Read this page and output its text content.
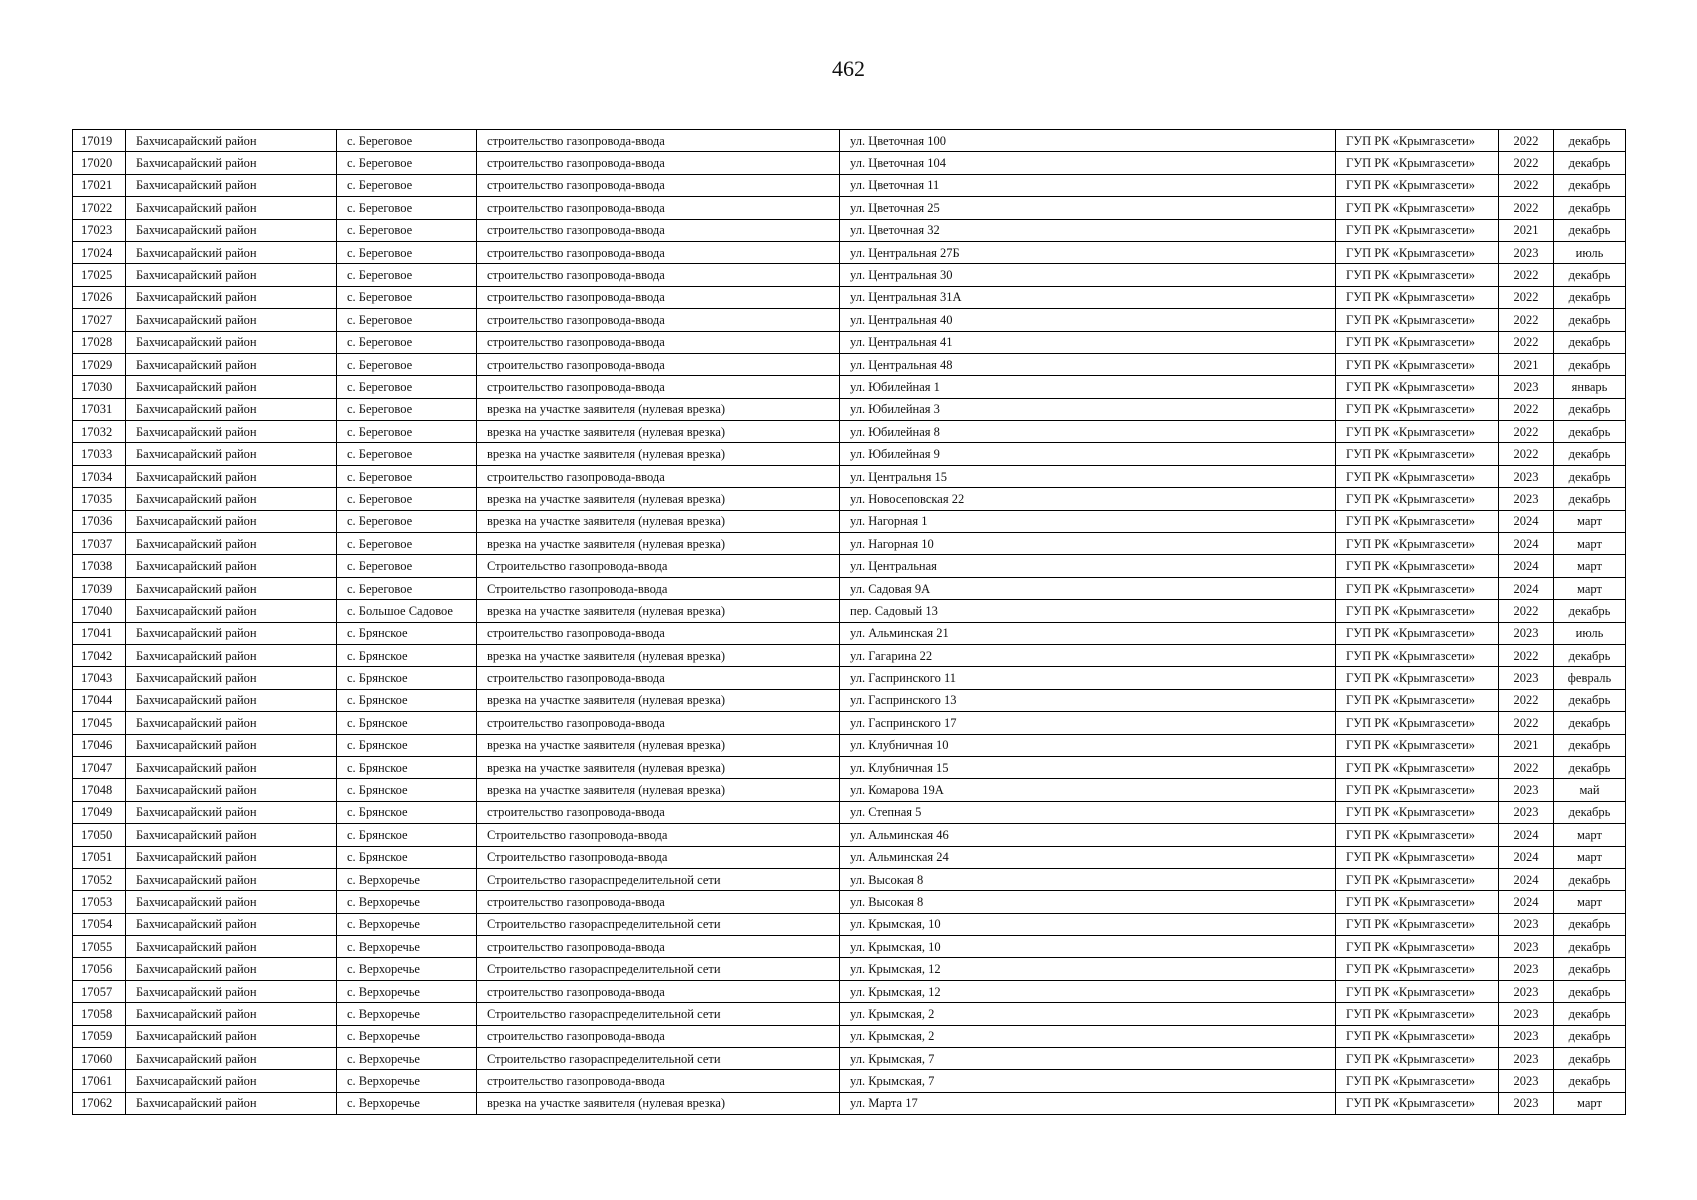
462
17019	Бахчисарайский район	с. Береговое	строительство газопровода-ввода	ул. Цветочная 100	ГУП РК «Крымгазсети»	2022	декабрь
17020	Бахчисарайский район	с. Береговое	строительство газопровода-ввода	ул. Цветочная 104	ГУП РК «Крымгазсети»	2022	декабрь
17021	Бахчисарайский район	с. Береговое	строительство газопровода-ввода	ул. Цветочная 11	ГУП РК «Крымгазсети»	2022	декабрь
17022	Бахчисарайский район	с. Береговое	строительство газопровода-ввода	ул. Цветочная 25	ГУП РК «Крымгазсети»	2022	декабрь
17023	Бахчисарайский район	с. Береговое	строительство газопровода-ввода	ул. Цветочная 32	ГУП РК «Крымгазсети»	2021	декабрь
17024	Бахчисарайский район	с. Береговое	строительство газопровода-ввода	ул. Центральная 27Б	ГУП РК «Крымгазсети»	2023	июль
17025	Бахчисарайский район	с. Береговое	строительство газопровода-ввода	ул. Центральная 30	ГУП РК «Крымгазсети»	2022	декабрь
17026	Бахчисарайский район	с. Береговое	строительство газопровода-ввода	ул. Центральная 31А	ГУП РК «Крымгазсети»	2022	декабрь
17027	Бахчисарайский район	с. Береговое	строительство газопровода-ввода	ул. Центральная 40	ГУП РК «Крымгазсети»	2022	декабрь
17028	Бахчисарайский район	с. Береговое	строительство газопровода-ввода	ул. Центральная 41	ГУП РК «Крымгазсети»	2022	декабрь
17029	Бахчисарайский район	с. Береговое	строительство газопровода-ввода	ул. Центральная 48	ГУП РК «Крымгазсети»	2021	декабрь
17030	Бахчисарайский район	с. Береговое	строительство газопровода-ввода	ул. Юбилейная 1	ГУП РК «Крымгазсети»	2023	январь
17031	Бахчисарайский район	с. Береговое	врезка на участке заявителя (нулевая врезка)	ул. Юбилейная 3	ГУП РК «Крымгазсети»	2022	декабрь
17032	Бахчисарайский район	с. Береговое	врезка на участке заявителя (нулевая врезка)	ул. Юбилейная 8	ГУП РК «Крымгазсети»	2022	декабрь
17033	Бахчисарайский район	с. Береговое	врезка на участке заявителя (нулевая врезка)	ул. Юбилейная 9	ГУП РК «Крымгазсети»	2022	декабрь
17034	Бахчисарайский район	с. Береговое	строительство газопровода-ввода	ул. Центральня 15	ГУП РК «Крымгазсети»	2023	декабрь
17035	Бахчисарайский район	с. Береговое	врезка на участке заявителя (нулевая врезка)	ул. Новосеповская 22	ГУП РК «Крымгазсети»	2023	декабрь
17036	Бахчисарайский район	с. Береговое	врезка на участке заявителя (нулевая врезка)	ул. Нагорная 1	ГУП РК «Крымгазсети»	2024	март
17037	Бахчисарайский район	с. Береговое	врезка на участке заявителя (нулевая врезка)	ул. Нагорная 10	ГУП РК «Крымгазсети»	2024	март
17038	Бахчисарайский район	с. Береговое	Строительство газопровода-ввода	ул. Центральная	ГУП РК «Крымгазсети»	2024	март
17039	Бахчисарайский район	с. Береговое	Строительство газопровода-ввода	ул. Садовая 9А	ГУП РК «Крымгазсети»	2024	март
17040	Бахчисарайский район	с. Большое Садовое	врезка на участке заявителя (нулевая врезка)	пер. Садовый 13	ГУП РК «Крымгазсети»	2022	декабрь
17041	Бахчисарайский район	с. Брянское	строительство газопровода-ввода	ул. Альминская 21	ГУП РК «Крымгазсети»	2023	июль
17042	Бахчисарайский район	с. Брянское	врезка на участке заявителя (нулевая врезка)	ул. Гагарина 22	ГУП РК «Крымгазсети»	2022	декабрь
17043	Бахчисарайский район	с. Брянское	строительство газопровода-ввода	ул. Гаспринского 11	ГУП РК «Крымгазсети»	2023	февраль
17044	Бахчисарайский район	с. Брянское	врезка на участке заявителя (нулевая врезка)	ул. Гаспринского 13	ГУП РК «Крымгазсети»	2022	декабрь
17045	Бахчисарайский район	с. Брянское	строительство газопровода-ввода	ул. Гаспринского 17	ГУП РК «Крымгазсети»	2022	декабрь
17046	Бахчисарайский район	с. Брянское	врезка на участке заявителя (нулевая врезка)	ул. Клубничная 10	ГУП РК «Крымгазсети»	2021	декабрь
17047	Бахчисарайский район	с. Брянское	врезка на участке заявителя (нулевая врезка)	ул. Клубничная 15	ГУП РК «Крымгазсети»	2022	декабрь
17048	Бахчисарайский район	с. Брянское	врезка на участке заявителя (нулевая врезка)	ул. Комарова 19А	ГУП РК «Крымгазсети»	2023	май
17049	Бахчисарайский район	с. Брянское	строительство газопровода-ввода	ул. Степная 5	ГУП РК «Крымгазсети»	2023	декабрь
17050	Бахчисарайский район	с. Брянское	Строительство газопровода-ввода	ул. Альминская 46	ГУП РК «Крымгазсети»	2024	март
17051	Бахчисарайский район	с. Брянское	Строительство газопровода-ввода	ул. Альминская 24	ГУП РК «Крымгазсети»	2024	март
17052	Бахчисарайский район	с. Верхоречье	Строительство газораспределительной сети	ул. Высокая 8	ГУП РК «Крымгазсети»	2024	декабрь
17053	Бахчисарайский район	с. Верхоречье	строительство газопровода-ввода	ул. Высокая 8	ГУП РК «Крымгазсети»	2024	март
17054	Бахчисарайский район	с. Верхоречье	Строительство газораспределительной сети	ул. Крымская, 10	ГУП РК «Крымгазсети»	2023	декабрь
17055	Бахчисарайский район	с. Верхоречье	строительство газопровода-ввода	ул. Крымская, 10	ГУП РК «Крымгазсети»	2023	декабрь
17056	Бахчисарайский район	с. Верхоречье	Строительство газораспределительной сети	ул. Крымская, 12	ГУП РК «Крымгазсети»	2023	декабрь
17057	Бахчисарайский район	с. Верхоречье	строительство газопровода-ввода	ул. Крымская, 12	ГУП РК «Крымгазсети»	2023	декабрь
17058	Бахчисарайский район	с. Верхоречье	Строительство газораспределительной сети	ул. Крымская, 2	ГУП РК «Крымгазсети»	2023	декабрь
17059	Бахчисарайский район	с. Верхоречье	строительство газопровода-ввода	ул. Крымская, 2	ГУП РК «Крымгазсети»	2023	декабрь
17060	Бахчисарайский район	с. Верхоречье	Строительство газораспределительной сети	ул. Крымская, 7	ГУП РК «Крымгазсети»	2023	декабрь
17061	Бахчисарайский район	с. Верхоречье	строительство газопровода-ввода	ул. Крымская, 7	ГУП РК «Крымгазсети»	2023	декабрь
17062	Бахчисарайский район	с. Верхоречье	врезка на участке заявителя (нулевая врезка)	ул. Марта 17	ГУП РК «Крымгазсети»	2023	март
